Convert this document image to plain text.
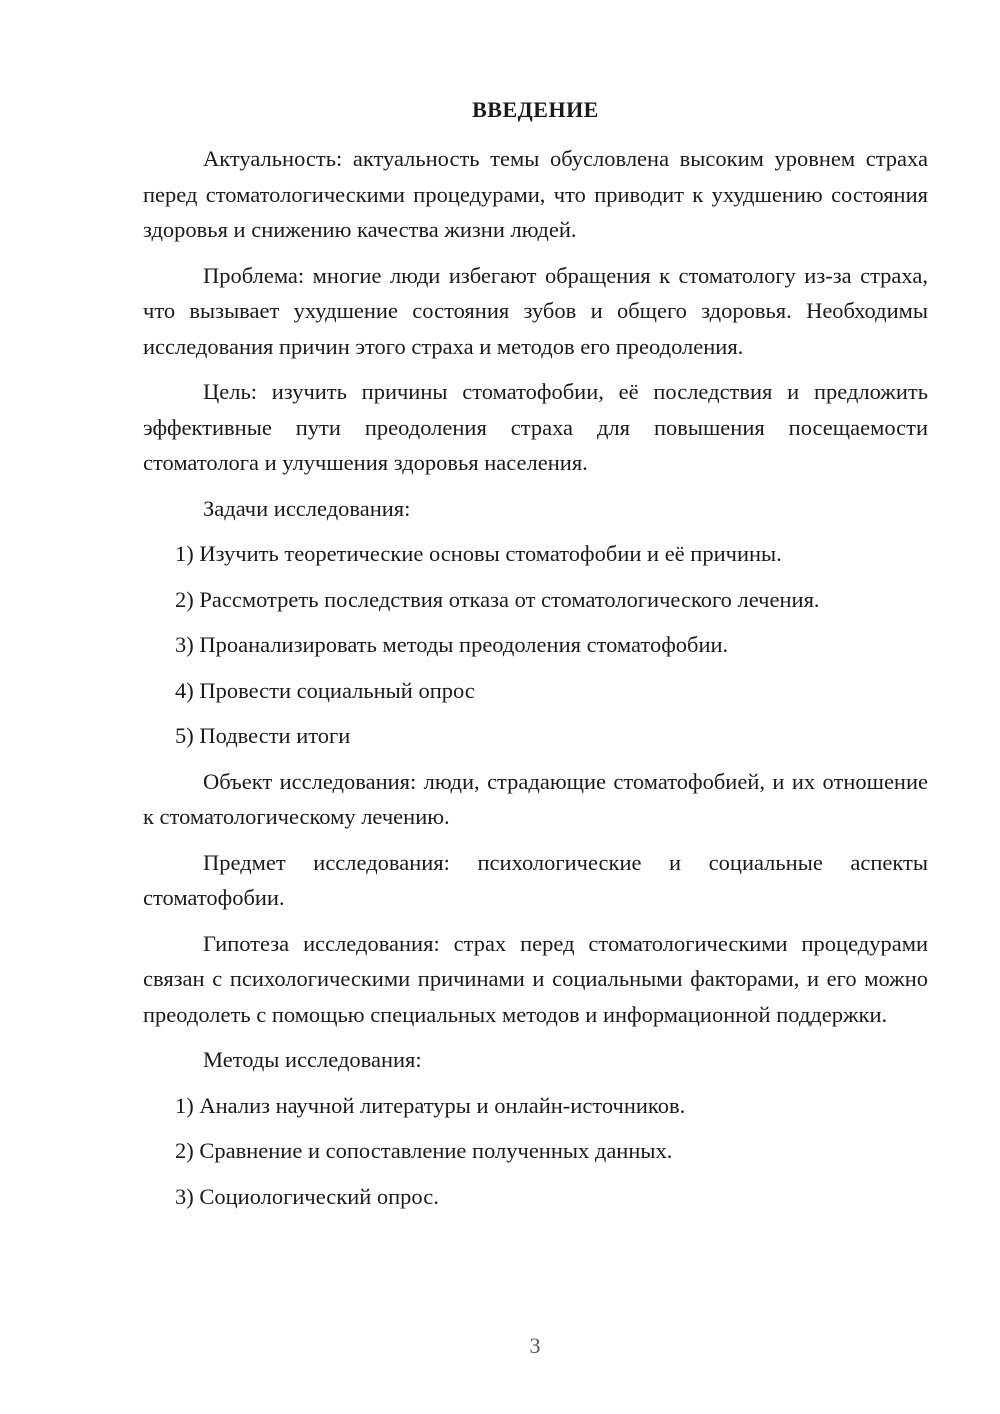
ВВЕДЕНИЕ

Актуальность: актуальность темы обусловлена высоким уровнем страха перед стоматологическими процедурами, что приводит к ухудшению состояния здоровья и снижению качества жизни людей.

Проблема: многие люди избегают обращения к стоматологу из-за страха, что вызывает ухудшение состояния зубов и общего здоровья. Необходимы исследования причин этого страха и методов его преодоления.

Цель: изучить причины стоматофобии, её последствия и предложить эффективные пути преодоления страха для повышения посещаемости стоматолога и улучшения здоровья населения.

Задачи исследования:

1) Изучить теоретические основы стоматофобии и её причины.

2) Рассмотреть последствия отказа от стоматологического лечения.

3) Проанализировать методы преодоления стоматофобии.

4) Провести социальный опрос

5) Подвести итоги

Объект исследования: люди, страдающие стоматофобией, и их отношение к стоматологическому лечению.

Предмет исследования: психологические и социальные аспекты стоматофобии.

Гипотеза исследования: страх перед стоматологическими процедурами связан с психологическими причинами и социальными факторами, и его можно преодолеть с помощью специальных методов и информационной поддержки.

Методы исследования:

1) Анализ научной литературы и онлайн-источников.

2) Сравнение и сопоставление полученных данных.

3) Социологический опрос.

3
